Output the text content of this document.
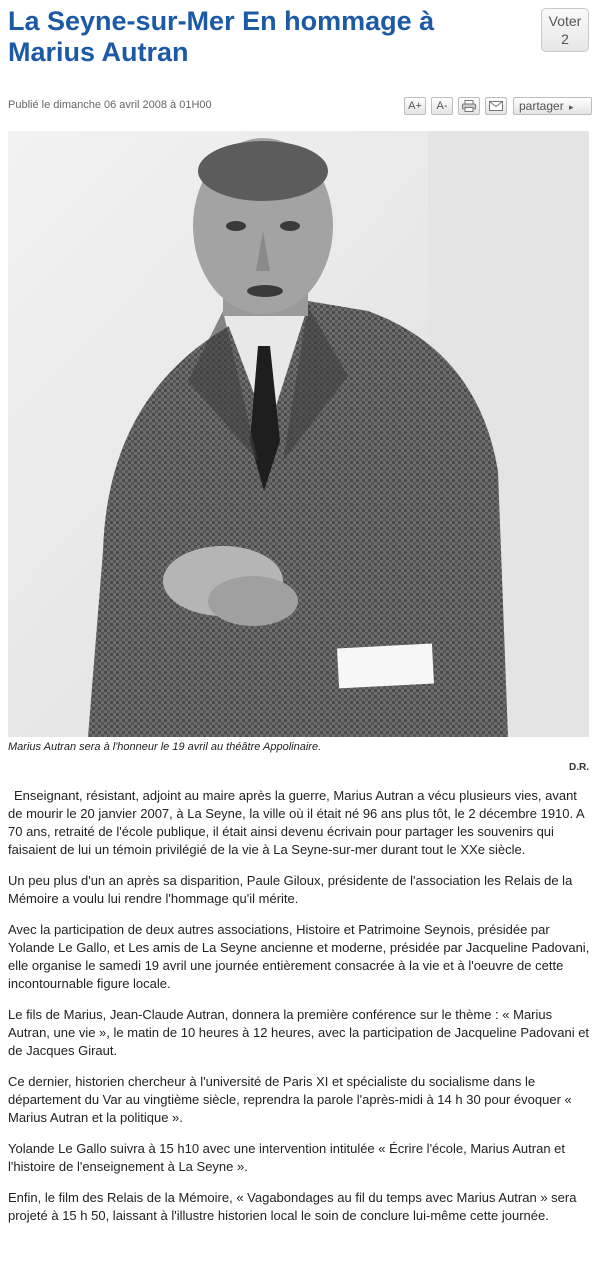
La Seyne-sur-Mer En hommage à Marius Autran
Voter
2
Publié le dimanche 06 avril 2008 à 01H00	A+	A-	partager ▸
Marius Autran sera à l'honneur le 19 avril au théâtre Appolinaire.
D.R.

Enseignant, résistant, adjoint au maire après la guerre, Marius Autran a vécu plusieurs vies, avant de mourir le 20 janvier 2007, à La Seyne, la ville où il était né 96 ans plus tôt, le 2 décembre 1910. A 70 ans, retraité de l'école publique, il était ainsi devenu écrivain pour partager les souvenirs qui faisaient de lui un témoin privilégié de la vie à La Seyne-sur-mer durant tout le XXe siècle.

Un peu plus d'un an après sa disparition, Paule Giloux, présidente de l'association les Relais de la Mémoire a voulu lui rendre l'hommage qu'il mérite.

Avec la participation de deux autres associations, Histoire et Patrimoine Seynois, présidée par Yolande Le Gallo, et Les amis de La Seyne ancienne et moderne, présidée par Jacqueline Padovani, elle organise le samedi 19 avril une journée entièrement consacrée à la vie et à l'oeuvre de cette incontournable figure locale.

Le fils de Marius, Jean-Claude Autran, donnera la première conférence sur le thème : « Marius Autran, une vie », le matin de 10 heures à 12 heures, avec la participation de Jacqueline Padovani et de Jacques Giraut.

Ce dernier, historien chercheur à l'université de Paris XI et spécialiste du socialisme dans le département du Var au vingtième siècle, reprendra la parole l'après-midi à 14 h 30 pour évoquer « Marius Autran et la politique ».

Yolande Le Gallo suivra à 15 h10 avec une intervention intitulée « Écrire l'école, Marius Autran et l'histoire de l'enseignement à La Seyne ».

Enfin, le film des Relais de la Mémoire, « Vagabondages au fil du temps avec Marius Autran » sera projeté à 15 h 50, laissant à l'illustre historien local le soin de conclure lui-même cette journée.
